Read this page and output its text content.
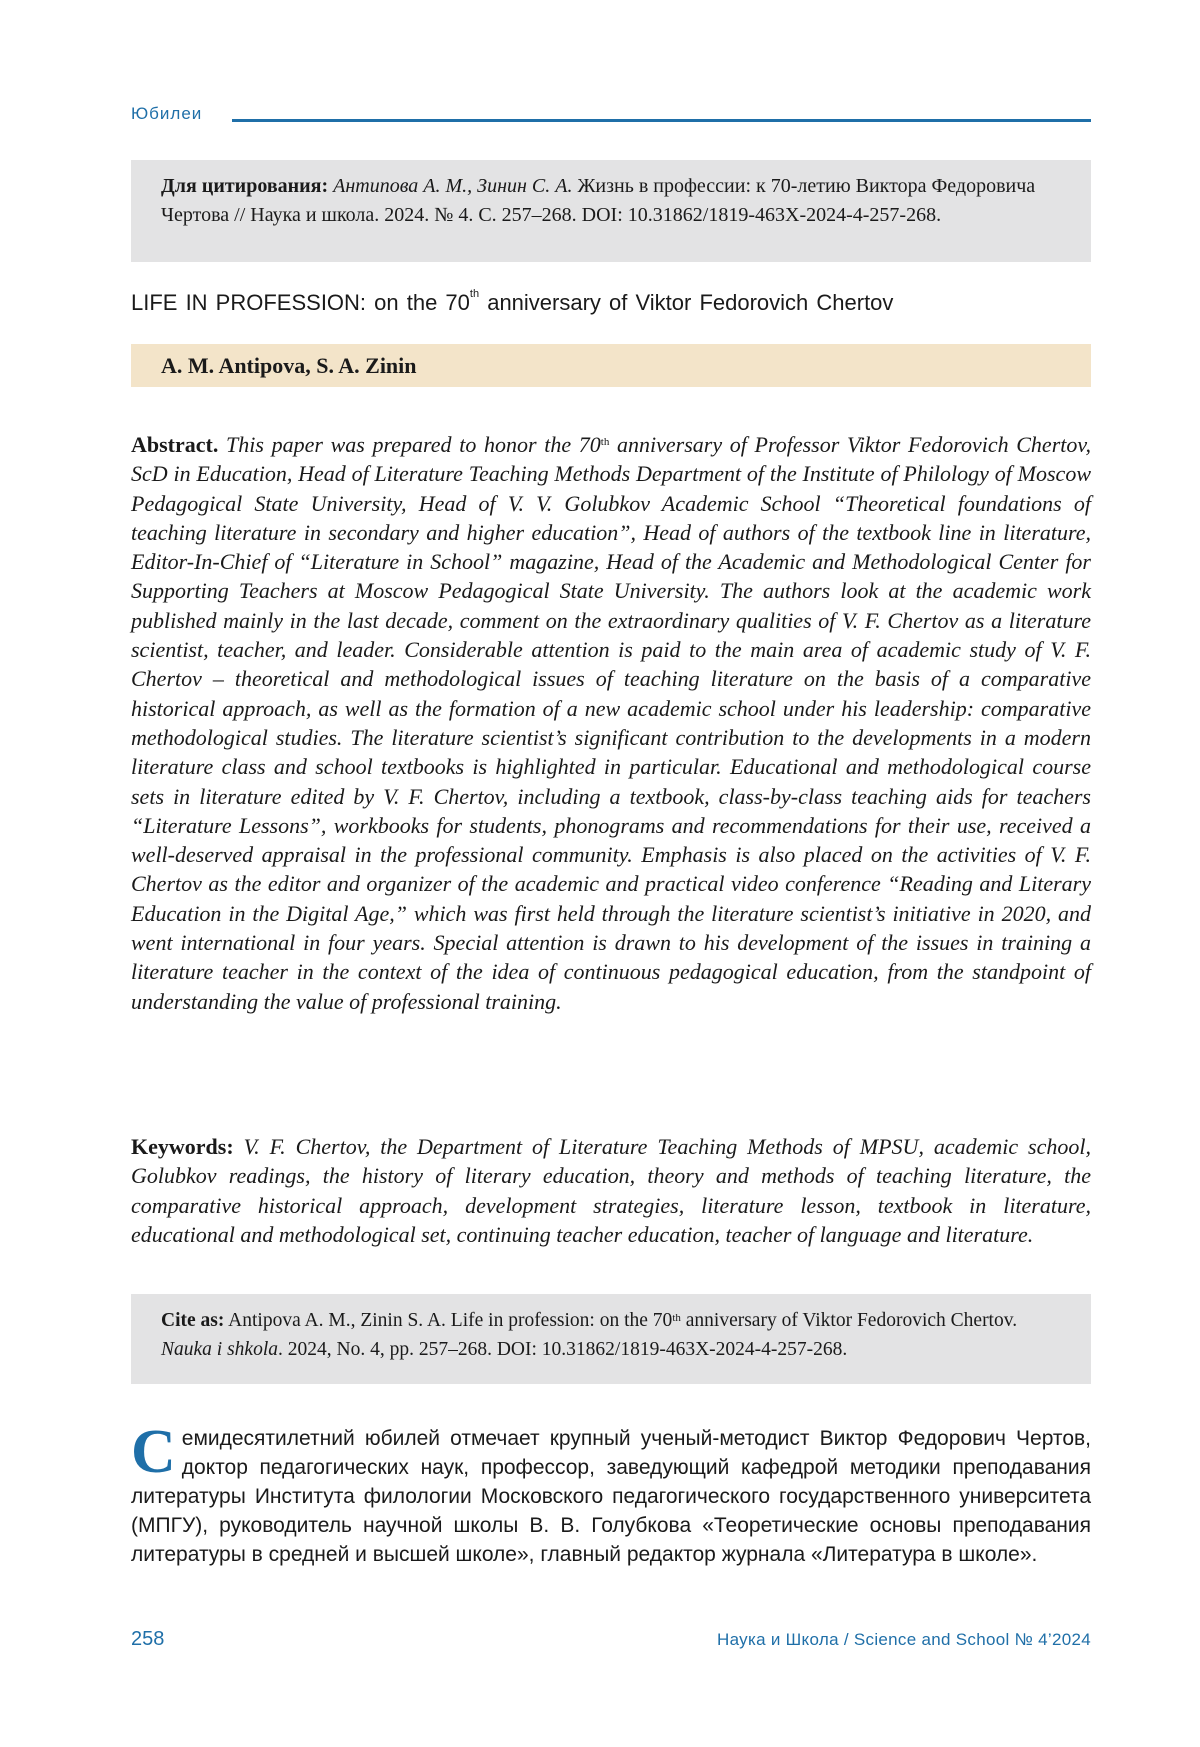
Юбилеи
Для цитирования: Антипова А. М., Зинин С. А. Жизнь в профессии: к 70-летию Виктора Федоровича Чертова // Наука и школа. 2024. № 4. С. 257–268. DOI: 10.31862/1819-463X-2024-4-257-268.
LIFE IN PROFESSION: on the 70th anniversary of Viktor Fedorovich Chertov
A. M. Antipova, S. A. Zinin

Abstract. This paper was prepared to honor the 70th anniversary of Professor Viktor Fedorovich Chertov, ScD in Education, Head of Literature Teaching Methods Department of the Institute of Philology of Moscow Pedagogical State University, Head of V. V. Golubkov Academic School “Theoretical foundations of teaching literature in secondary and higher education”, Head of authors of the textbook line in literature, Editor-In-Chief of “Literature in School” magazine, Head of the Academic and Methodological Center for Supporting Teachers at Moscow Pedagogical State University. The authors look at the academic work published mainly in the last decade, comment on the extraordinary qualities of V. F. Chertov as a literature scientist, teacher, and leader. Considerable attention is paid to the main area of academic study of V. F. Chertov – theoretical and methodological issues of teaching literature on the basis of a comparative historical approach, as well as the formation of a new academic school under his leadership: comparative methodological studies. The literature scientist’s significant contribution to the developments in a modern literature class and school textbooks is highlighted in particular. Educational and methodological course sets in literature edited by V. F. Chertov, including a textbook, class-by-class teaching aids for teachers “Literature Lessons”, workbooks for students, phonograms and recommendations for their use, received a well-deserved appraisal in the professional community. Emphasis is also placed on the activities of V. F. Chertov as the editor and organizer of the academic and practical video conference “Reading and Literary Education in the Digital Age,” which was first held through the literature scientist’s initiative in 2020, and went international in four years. Special attention is drawn to his development of the issues in training a literature teacher in the context of the idea of continuous pedagogical education, from the standpoint of understanding the value of professional training.

Keywords: V. F. Chertov, the Department of Literature Teaching Methods of MPSU, academic school, Golubkov readings, the history of literary education, theory and methods of teaching literature, the comparative historical approach, development strategies, literature lesson, textbook in literature, educational and methodological set, continuing teacher education, teacher of language and literature.

Cite as: Antipova A. M., Zinin S. A. Life in profession: on the 70th anniversary of Viktor Fedorovich Chertov. Nauka i shkola. 2024, No. 4, pp. 257–268. DOI: 10.31862/1819-463X-2024-4-257-268.

Семидесятилетний юбилей отмечает крупный ученый-методист Виктор Федорович Чертов, доктор педагогических наук, профессор, заведующий кафедрой методики преподавания литературы Института филологии Московского педагогического государственного университета (МПГУ), руководитель научной школы В. В. Голубкова «Теоретические основы преподавания литературы в средней и высшей школе», главный редактор журнала «Литература в школе».

258	Наука и Школа / Science and School № 4’2024
